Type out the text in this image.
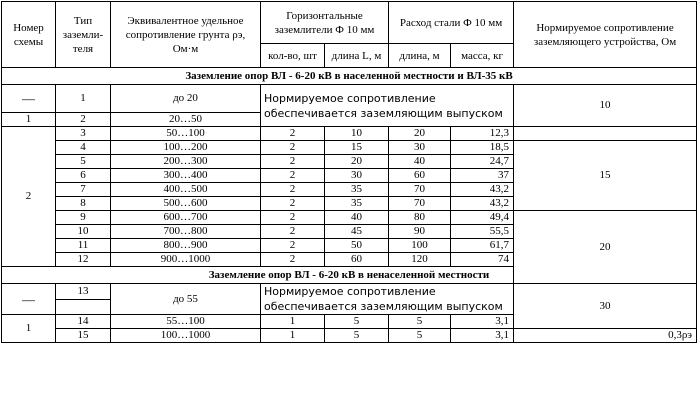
Номер схемы	Тип заземли-теля	Эквивалентное удельное сопротивление грунта ρэ, Ом·м	Горизонтальные заземлители Ф 10 мм		Расход стали Ф 10 мм		Нормируемое сопротивление заземляющего устройства, Ом
			кол-во, шт	длина L, м	длина, м	масса, кг	
Заземление опор ВЛ - 6-20 кВ в населенной местности и ВЛ-35 кВ							
—	1	до 20	Нормируемое сопротивление обеспечивается заземляющим выпуском				10
1	2	20…50					
2	3	50…100	2	10	20	12,3	
	4	100…200	2	15	30	18,5	15
	5	200…300	2	20	40	24,7	
	6	300…400	2	30	60	37	
	7	400…500	2	35	70	43,2	
	8	500…600	2	35	70	43,2	
	9	600…700	2	40	80	49,4	20
	10	700…800	2	45	90	55,5	
	11	800…900	2	50	100	61,7	
	12	900…1000	2	60	120	74	
Заземление опор ВЛ - 6-20 кВ в ненаселенной местности							
—	13	до 55	Нормируемое сопротивление обеспечивается заземляющим выпуском				30

1	14	55…100	1	5	5	3,1	
	15	100…1000	1	5	5	3,1	0,3ρэ
